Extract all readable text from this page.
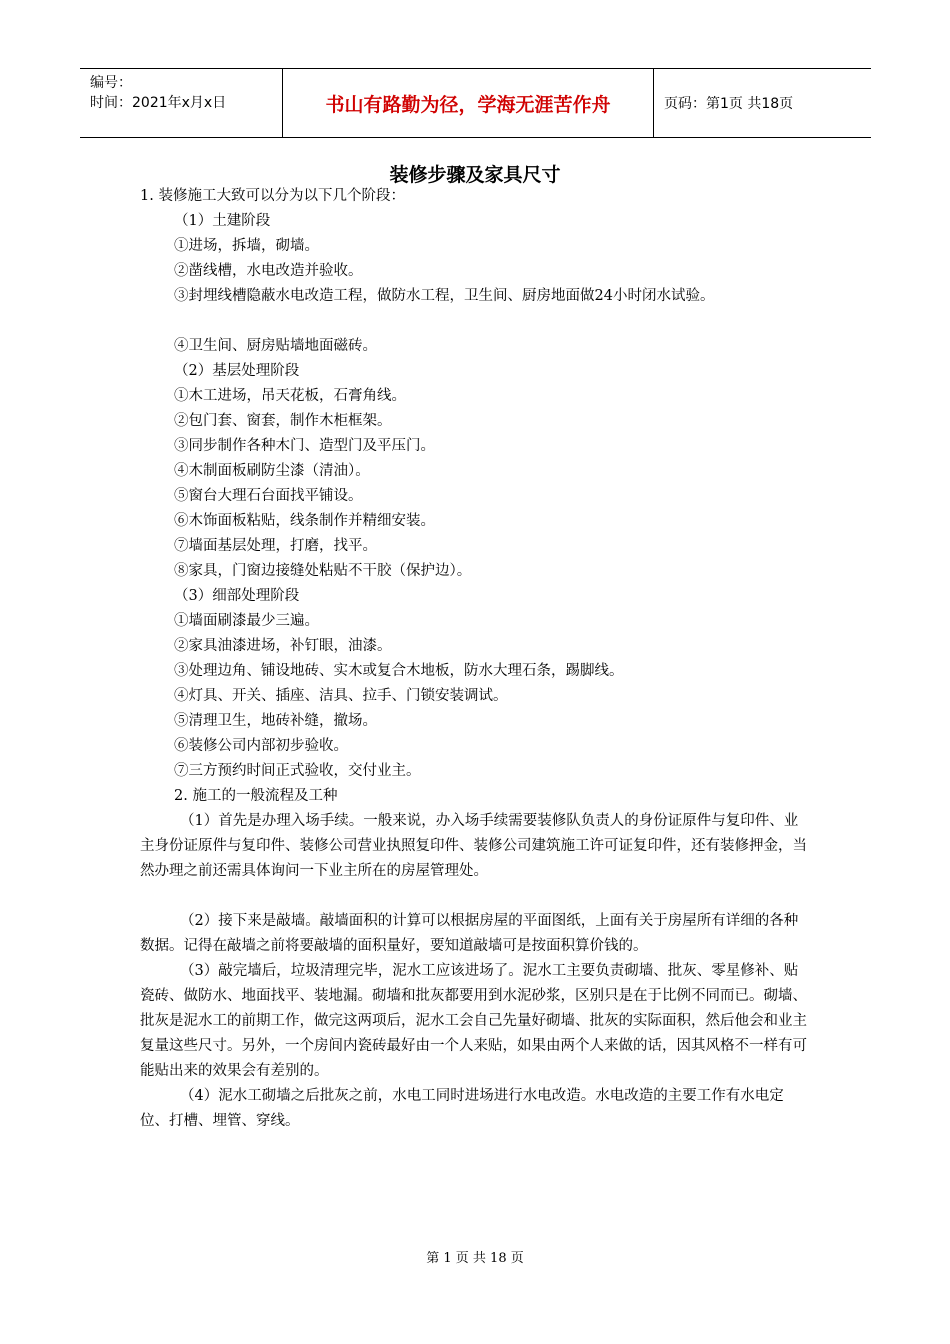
编号：
时间：2021年x月x日	书山有路勤为径，学海无涯苦作舟	页码：第1页 共18页
装修步骤及家具尺寸

1. 装修施工大致可以分为以下几个阶段：

（1）土建阶段

①进场，拆墙，砌墙。

②凿线槽，水电改造并验收。

③封埋线槽隐蔽水电改造工程，做防水工程，卫生间、厨房地面做24小时闭水试验。

④卫生间、厨房贴墙地面磁砖。

（2）基层处理阶段

①木工进场，吊天花板，石膏角线。

②包门套、窗套，制作木柜框架。

③同步制作各种木门、造型门及平压门。

④木制面板刷防尘漆（清油）。

⑤窗台大理石台面找平铺设。

⑥木饰面板粘贴，线条制作并精细安装。

⑦墙面基层处理，打磨，找平。

⑧家具，门窗边接缝处粘贴不干胶（保护边）。

（3）细部处理阶段

①墙面刷漆最少三遍。

②家具油漆进场，补钉眼，油漆。

③处理边角、铺设地砖、实木或复合木地板，防水大理石条，踢脚线。

④灯具、开关、插座、洁具、拉手、门锁安装调试。

⑤清理卫生，地砖补缝，撤场。

⑥装修公司内部初步验收。

⑦三方预约时间正式验收，交付业主。

2. 施工的一般流程及工种

（1）首先是办理入场手续。一般来说，办入场手续需要装修队负责人的身份证原件与复印件、业主身份证原件与复印件、装修公司营业执照复印件、装修公司建筑施工许可证复印件，还有装修押金，当然办理之前还需具体询问一下业主所在的房屋管理处。

（2）接下来是敲墙。敲墙面积的计算可以根据房屋的平面图纸，上面有关于房屋所有详细的各种数据。记得在敲墙之前将要敲墙的面积量好，要知道敲墙可是按面积算价钱的。

（3）敲完墙后，垃圾清理完毕，泥水工应该进场了。泥水工主要负责砌墙、批灰、零星修补、贴瓷砖、做防水、地面找平、装地漏。砌墙和批灰都要用到水泥砂浆，区别只是在于比例不同而已。砌墙、批灰是泥水工的前期工作，做完这两项后，泥水工会自己先量好砌墙、批灰的实际面积，然后他会和业主复量这些尺寸。另外，一个房间内瓷砖最好由一个人来贴，如果由两个人来做的话，因其风格不一样有可能贴出来的效果会有差别的。

（4）泥水工砌墙之后批灰之前，水电工同时进场进行水电改造。水电改造的主要工作有水电定位、打槽、埋管、穿线。

第 1 页 共 18 页
